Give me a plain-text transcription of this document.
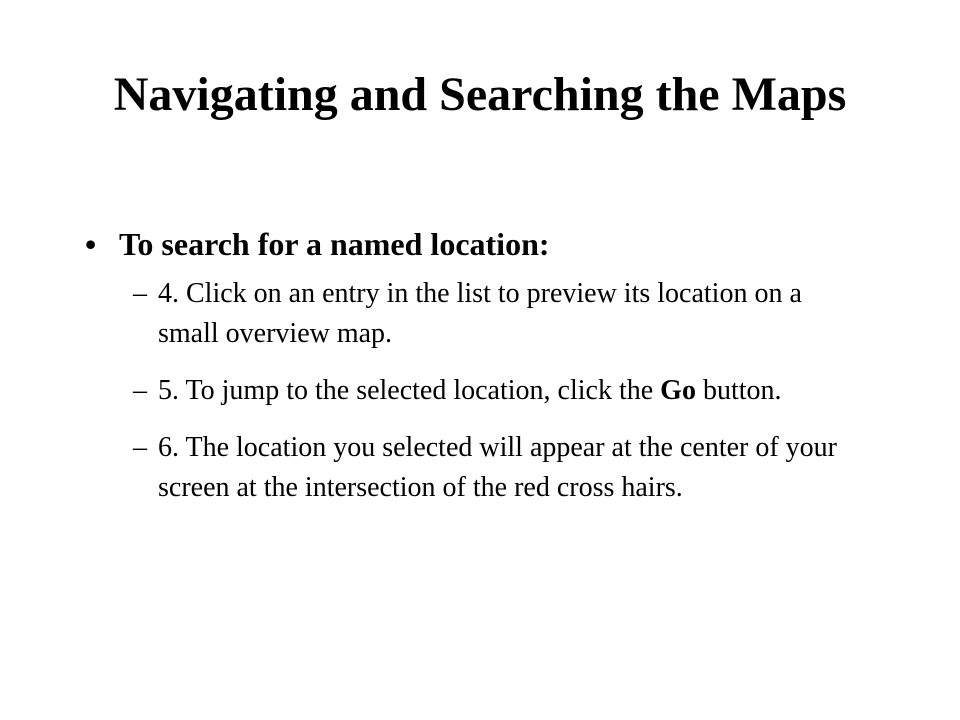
Navigating and Searching the Maps
• To search for a named location:
– 4. Click on an entry in the list to preview its location on a small overview map.
– 5. To jump to the selected location, click the Go button.
– 6. The location you selected will appear at the center of your screen at the intersection of the red cross hairs.
